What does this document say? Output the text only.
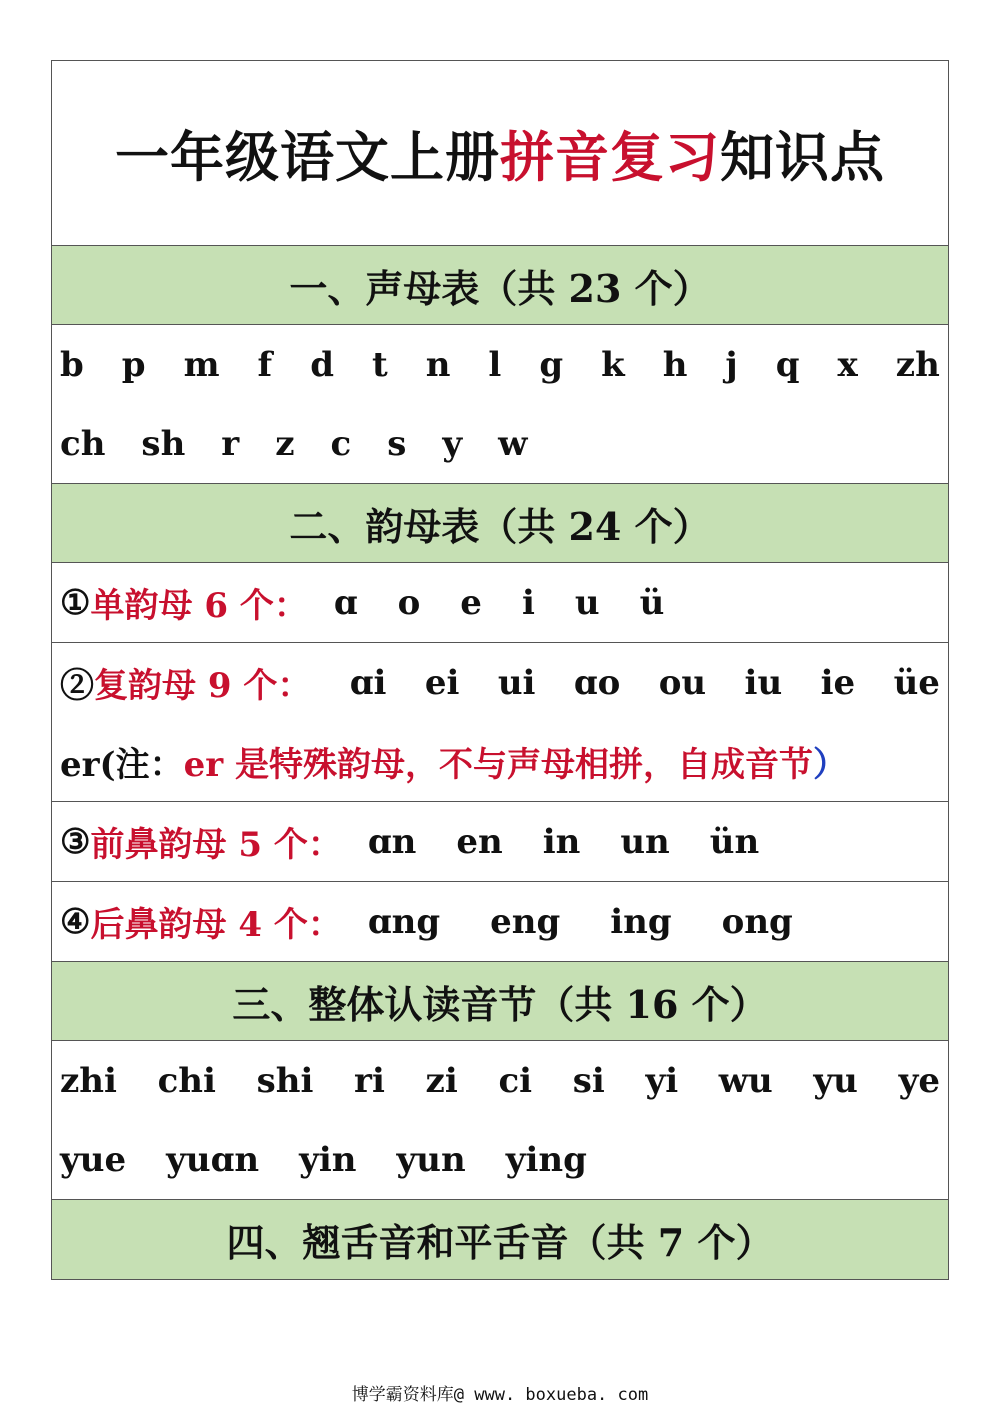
一年级语文上册拼音复习知识点
一、声母表（共 23 个）
b p m f d t n l g k h j q x zh
ch sh r z c s y w
二、韵母表（共 24 个）
① 单韵母 6 个： ɑ o e i u ü
②复韵母 9 个： ɑi ei ui ɑo ou iu ie üe
er(注： er 是特殊韵母，不与声母相拼，自成音节 ）
③ 前鼻韵母 5 个： ɑn en in un ün
④ 后鼻韵母 4 个： ɑng eng ing ong
三、整体认读音节（共 16 个）
zhi chi shi ri zi ci si yi wu yu ye
yue yuɑn yin yun ying
四、翘舌音和平舌音（共 7 个）
博学霸资料库@ www. boxueba. com
